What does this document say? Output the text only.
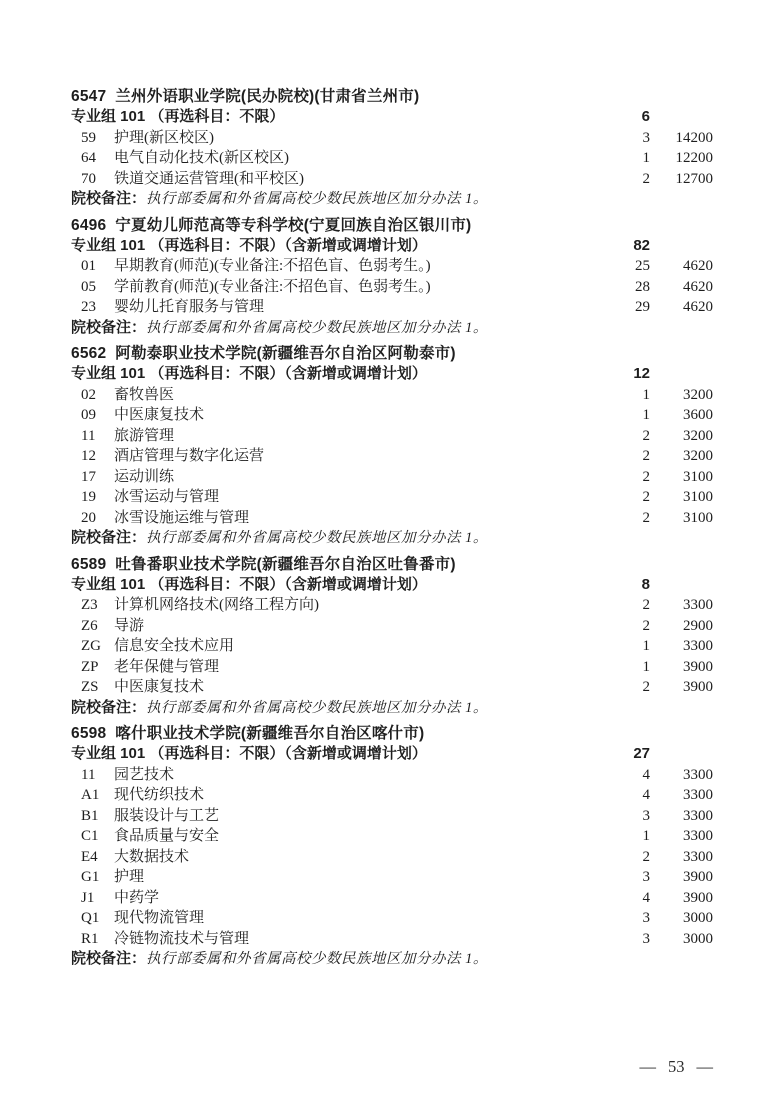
6547 兰州外语职业学院(民办院校)(甘肃省兰州市)
专业组 101 （再选科目：不限）	6
59	护理(新区校区)	3	14200
64	电气自动化技术(新区校区)	1	12200
70	铁道交通运营管理(和平校区)	2	12700
院校备注： 执行部委属和外省属高校少数民族地区加分办法 1。
6496 宁夏幼儿师范高等专科学校(宁夏回族自治区银川市)
专业组 101 （再选科目：不限）（含新增或调增计划）	82
01	早期教育(师范)(专业备注:不招色盲、色弱考生。)	25	4620
05	学前教育(师范)(专业备注:不招色盲、色弱考生。)	28	4620
23	婴幼儿托育服务与管理	29	4620
院校备注： 执行部委属和外省属高校少数民族地区加分办法 1。
6562 阿勒泰职业技术学院(新疆维吾尔自治区阿勒泰市)
专业组 101 （再选科目：不限）（含新增或调增计划）	12
02	畜牧兽医	1	3200
09	中医康复技术	1	3600
11	旅游管理	2	3200
12	酒店管理与数字化运营	2	3200
17	运动训练	2	3100
19	冰雪运动与管理	2	3100
20	冰雪设施运维与管理	2	3100
院校备注： 执行部委属和外省属高校少数民族地区加分办法 1。
6589 吐鲁番职业技术学院(新疆维吾尔自治区吐鲁番市)
专业组 101 （再选科目：不限）（含新增或调增计划）	8
Z3	计算机网络技术(网络工程方向)	2	3300
Z6	导游	2	2900
ZG 信息安全技术应用	1	3300
ZP	老年保健与管理	1	3900
ZS	中医康复技术	2	3900
院校备注： 执行部委属和外省属高校少数民族地区加分办法 1。
6598 喀什职业技术学院(新疆维吾尔自治区喀什市)
专业组 101 （再选科目：不限）（含新增或调增计划）	27
11	园艺技术	4	3300
A1 现代纺织技术	4	3300
B1	服装设计与工艺	3	3300
C1	食品质量与安全	1	3300
E4	大数据技术	2	3300
G1 护理	3	3900
J1	中药学	4	3900
Q1 现代物流管理	3	3000
R1	冷链物流技术与管理	3	3000
院校备注： 执行部委属和外省属高校少数民族地区加分办法 1。
— 53 —
